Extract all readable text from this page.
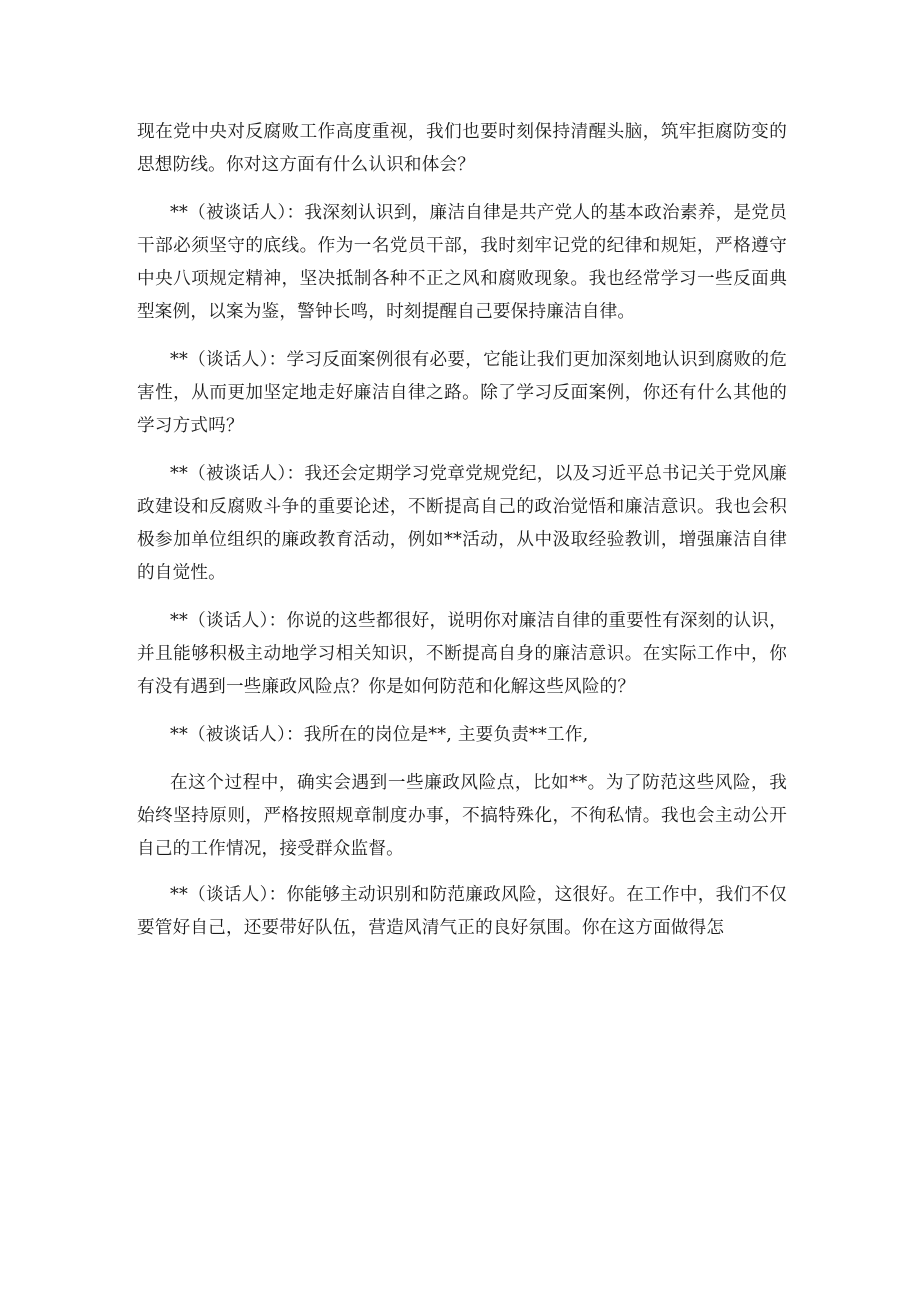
现在党中央对反腐败工作高度重视，我们也要时刻保持清醒头脑，筑牢拒腐防变的思想防线。你对这方面有什么认识和体会？

**（被谈话人）：我深刻认识到，廉洁自律是共产党人的基本政治素养，是党员干部必须坚守的底线。作为一名党员干部，我时刻牢记党的纪律和规矩，严格遵守中央八项规定精神，坚决抵制各种不正之风和腐败现象。我也经常学习一些反面典型案例，以案为鉴，警钟长鸣，时刻提醒自己要保持廉洁自律。

**（谈话人）：学习反面案例很有必要，它能让我们更加深刻地认识到腐败的危害性，从而更加坚定地走好廉洁自律之路。除了学习反面案例，你还有什么其他的学习方式吗？

**（被谈话人）：我还会定期学习党章党规党纪，以及习近平总书记关于党风廉政建设和反腐败斗争的重要论述，不断提高自己的政治觉悟和廉洁意识。我也会积极参加单位组织的廉政教育活动，例如**活动，从中汲取经验教训，增强廉洁自律的自觉性。

**（谈话人）：你说的这些都很好，说明你对廉洁自律的重要性有深刻的认识，并且能够积极主动地学习相关知识，不断提高自身的廉洁意识。在实际工作中，你有没有遇到一些廉政风险点？你是如何防范和化解这些风险的？

**（被谈话人）：我所在的岗位是**, 主要负责**工作,

在这个过程中，确实会遇到一些廉政风险点，比如**。为了防范这些风险，我始终坚持原则，严格按照规章制度办事，不搞特殊化，不徇私情。我也会主动公开自己的工作情况，接受群众监督。

**（谈话人）：你能够主动识别和防范廉政风险，这很好。在工作中，我们不仅要管好自己，还要带好队伍，营造风清气正的良好氛围。你在这方面做得怎
